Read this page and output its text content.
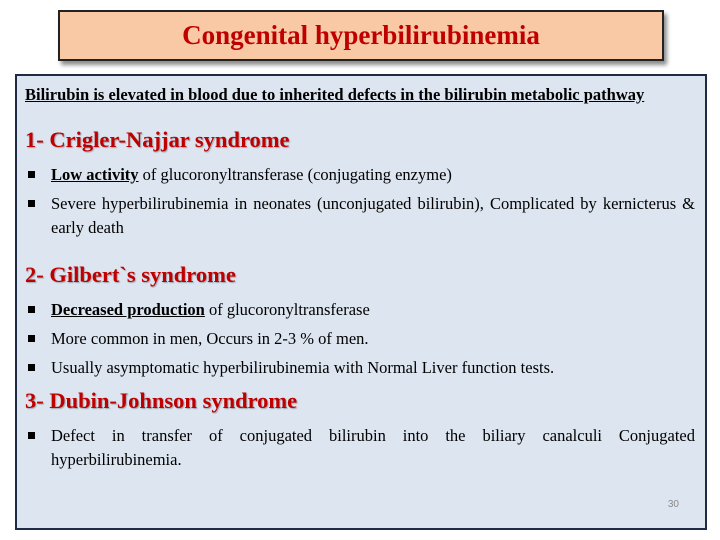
Congenital hyperbilirubinemia
Bilirubin is elevated in blood due to inherited defects in the bilirubin metabolic pathway
1- Crigler-Najjar syndrome
Low activity of glucoronyltransferase (conjugating enzyme)
Severe hyperbilirubinemia in neonates (unconjugated bilirubin), Complicated by kernicterus & early death
2- Gilbert`s syndrome
Decreased production of glucoronyltransferase
More common in men, Occurs in 2-3 % of men.
Usually asymptomatic hyperbilirubinemia with Normal Liver function tests.
3- Dubin-Johnson syndrome
Defect in transfer of conjugated bilirubin into the biliary canalculi Conjugated hyperbilirubinemia.
30
